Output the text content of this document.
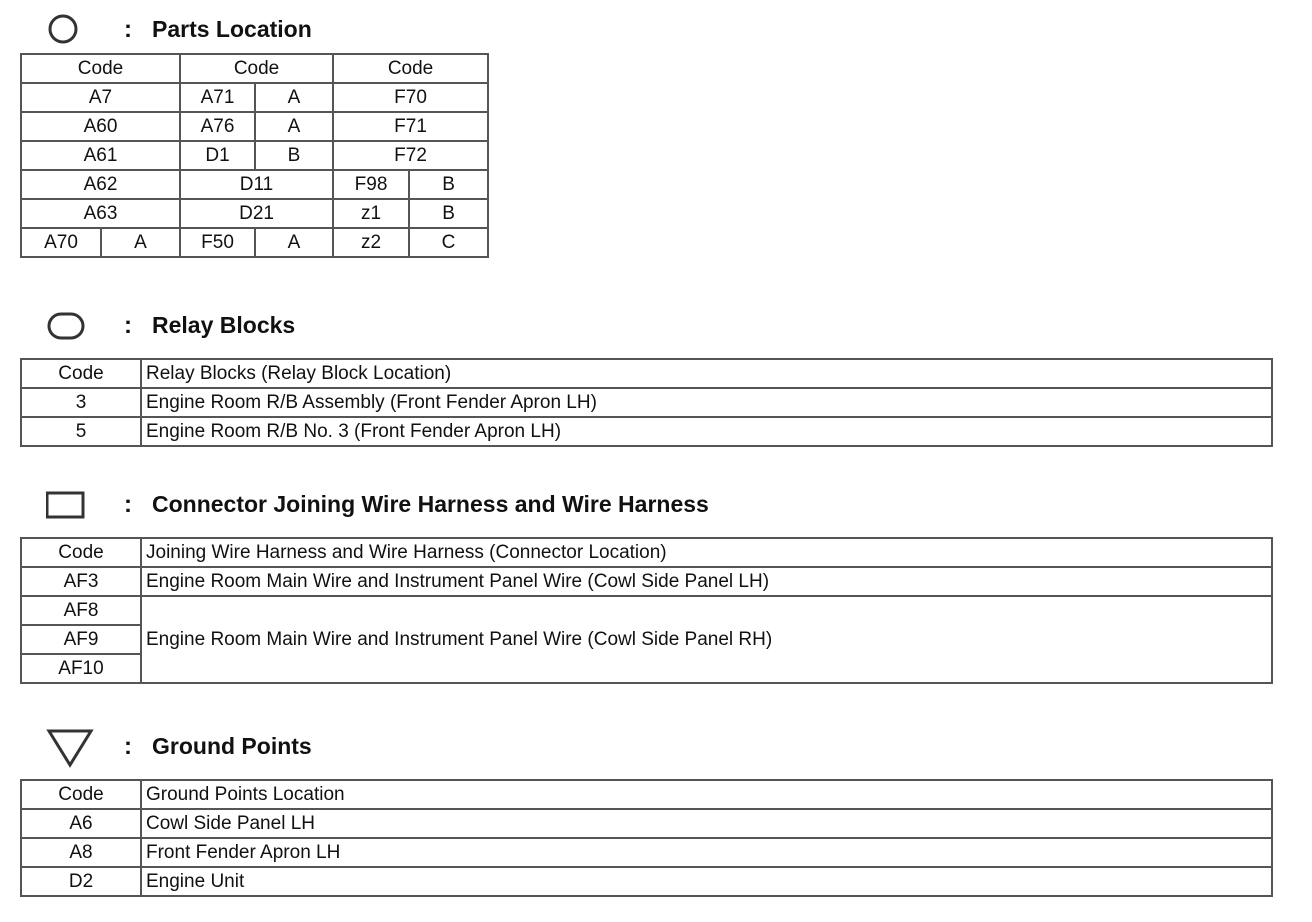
: Parts Location
Code		Code		Code	
A7		A71	A	F70	
A60		A76	A	F71	
A61		D1	B	F72	
A62		D11		F98	B
A63		D21		z1	B
A70	A	F50	A	z2	C
: Relay Blocks
Code	Relay Blocks (Relay Block Location)
3	Engine Room R/B Assembly (Front Fender Apron LH)
5	Engine Room R/B No. 3 (Front Fender Apron LH)
: Connector Joining Wire Harness and Wire Harness
Code	Joining Wire Harness and Wire Harness (Connector Location)
AF3	Engine Room Main Wire and Instrument Panel Wire (Cowl Side Panel LH)
AF8	Engine Room Main Wire and Instrument Panel Wire (Cowl Side Panel RH)
AF9	
AF10	
: Ground Points
Code	Ground Points Location
A6	Cowl Side Panel LH
A8	Front Fender Apron LH
D2	Engine Unit
